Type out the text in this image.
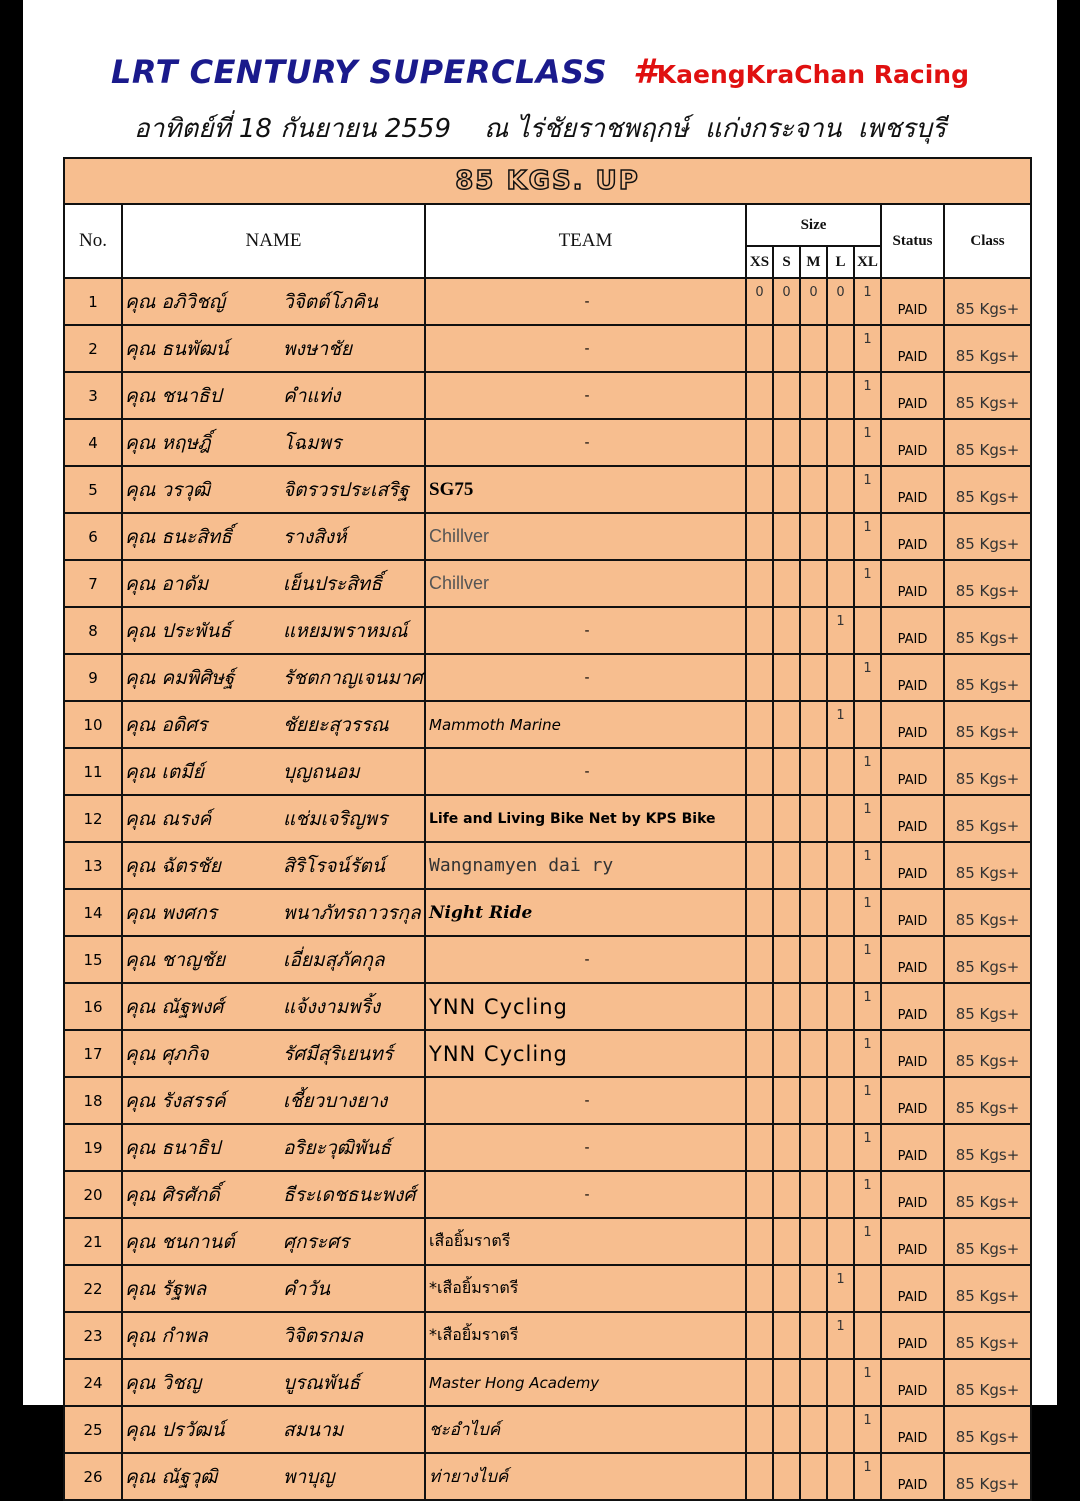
LRT CENTURY SUPERCLASS #KaengKraChan Racing
อาทิตย์ที่ 18 กันยายน 2559    ณ ไร่ชัยราชพฤกษ์  แก่งกระจาน  เพชรบุรี
85 KGS. UP									
No.	NAME	TEAM	Size					Status	Class
			XS	S	M	L	XL		
1	คุณ อภิวิชญ์ วิจิตต์โภคิน	-	0	0	0	0	1	PAID	85 Kgs+
2	คุณ ธนพัฒน์ พงษาชัย	-					1	PAID	85 Kgs+
3	คุณ ชนาธิป คำแท่ง	-					1	PAID	85 Kgs+
4	คุณ หฤษฎิ์ โฉมพร	-					1	PAID	85 Kgs+
5	คุณ วรวุฒิ จิตรวรประเสริฐ	SG75					1	PAID	85 Kgs+
6	คุณ ธนะสิทธิ์ รางสิงห์	Chillver					1	PAID	85 Kgs+
7	คุณ อาดัม เย็นประสิทธิ์	Chillver					1	PAID	85 Kgs+
8	คุณ ประพันธ์ แหยมพราหมณ์	-				1		PAID	85 Kgs+
9	คุณ คมพิศิษฐ์ รัชตกาญเจนมาศ	-					1	PAID	85 Kgs+
10	คุณ อดิศร ชัยยะสุวรรณ	Mammoth Marine				1		PAID	85 Kgs+
11	คุณ เตมีย์ บุญถนอม	-					1	PAID	85 Kgs+
12	คุณ ณรงค์ แช่มเจริญพร	Life and Living Bike Net by KPS Bike					1	PAID	85 Kgs+
13	คุณ ฉัตรชัย สิริโรจน์รัตน์	Wangnamyen dai ry					1	PAID	85 Kgs+
14	คุณ พงศกร พนาภัทรถาวรกุล	Night Ride					1	PAID	85 Kgs+
15	คุณ ชาญชัย เอี่ยมสุภัคกุล	-					1	PAID	85 Kgs+
16	คุณ ณัฐพงศ์ แจ้งงามพริ้ง	YNN Cycling					1	PAID	85 Kgs+
17	คุณ ศุภกิจ รัศมีสุริเยนทร์	YNN Cycling					1	PAID	85 Kgs+
18	คุณ รังสรรค์ เชี้ยวบางยาง	-					1	PAID	85 Kgs+
19	คุณ ธนาธิป อริยะวุฒิพันธ์	-					1	PAID	85 Kgs+
20	คุณ ศิรศักดิ์ ธีระเดชธนะพงศ์	-					1	PAID	85 Kgs+
21	คุณ ชนกานต์ ศุกระศร	เสือยิ้มราตรี					1	PAID	85 Kgs+
22	คุณ รัฐพล คำวัน	*เสือยิ้มราตรี				1		PAID	85 Kgs+
23	คุณ กำพล วิจิตรกมล	*เสือยิ้มราตรี				1		PAID	85 Kgs+
24	คุณ วิชญ บูรณพันธ์	Master Hong Academy					1	PAID	85 Kgs+
25	คุณ ปรวัฒน์ สมนาม	ชะอำไบค์					1	PAID	85 Kgs+
26	คุณ ณัฐวุฒิ พาบุญ	ท่ายางไบค์					1	PAID	85 Kgs+
